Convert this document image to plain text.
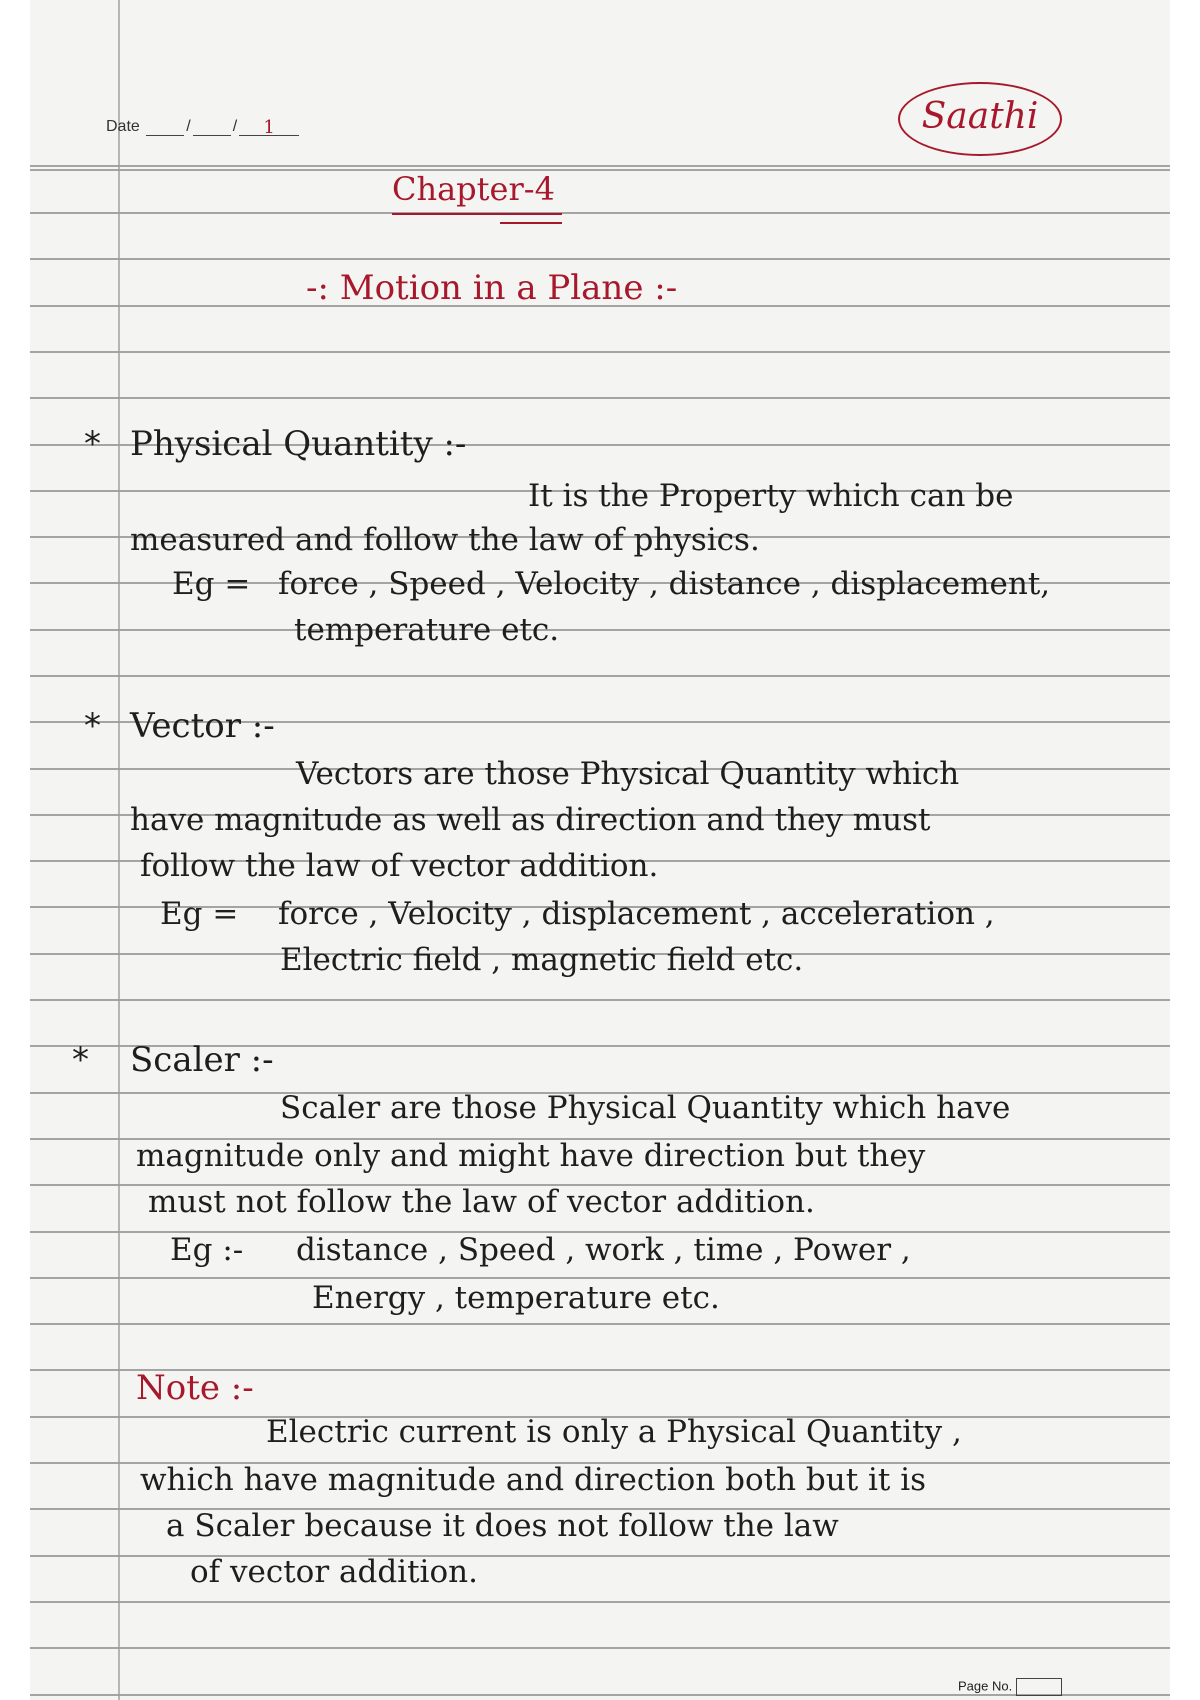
Date	/	/ 1	Saathi
Chapter-4
-: Motion in a Plane :-
* Physical Quantity :-
It is the Property which can be
measured and follow the law of physics.
Eg = force , Speed , Velocity , distance , displacement,
temperature etc.
* Vector :-
Vectors are those Physical Quantity which
have magnitude as well as direction and they must
follow the law of vector addition.
Eg = force , Velocity , displacement , acceleration ,
Electric field , magnetic field etc.
* Scaler :-
Scaler are those Physical Quantity which have
magnitude only and might have direction but they
must not follow the law of vector addition.
Eg :- distance , Speed , work , time , Power ,
Energy , temperature etc.
Note :-
Electric current is only a Physical Quantity ,
which have magnitude and direction both but it is
a Scaler because it does not follow the law
of vector addition.
Page No.
